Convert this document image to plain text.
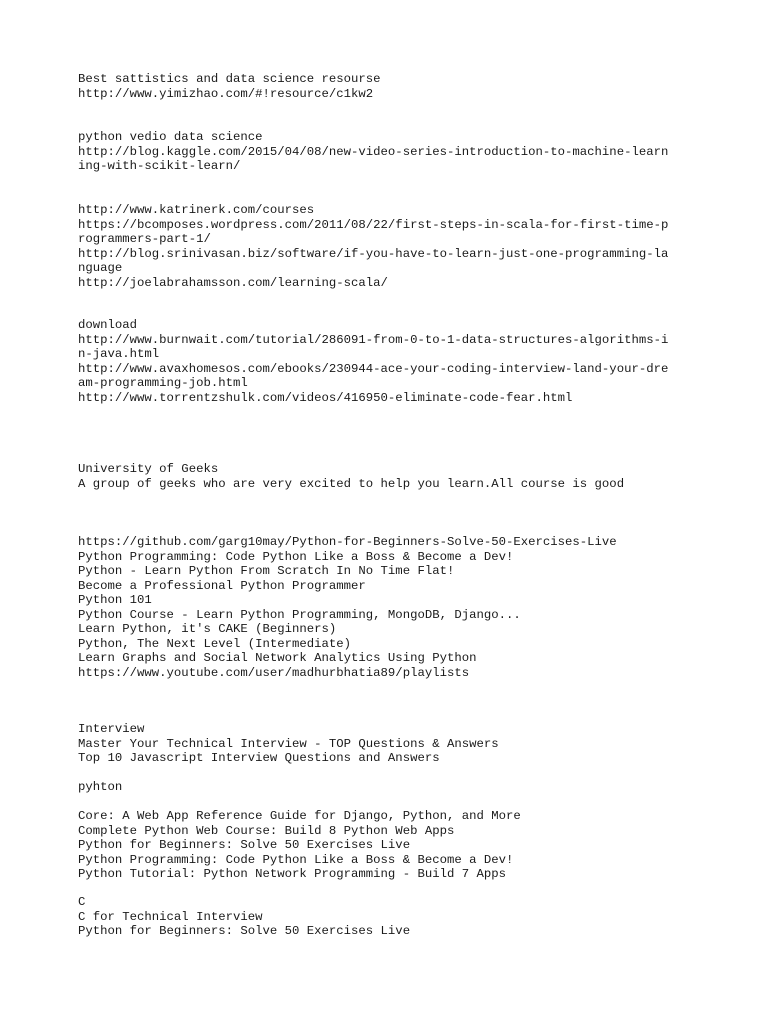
Best sattistics and data science resourse
http://www.yimizhao.com/#!resource/c1kw2
python vedio data science
http://blog.kaggle.com/2015/04/08/new-video-series-introduction-to-machine-learn
ing-with-scikit-learn/
http://www.katrinerk.com/courses
https://bcomposes.wordpress.com/2011/08/22/first-steps-in-scala-for-first-time-p
rogrammers-part-1/
http://blog.srinivasan.biz/software/if-you-have-to-learn-just-one-programming-la
nguage
http://joelabrahamsson.com/learning-scala/
download
http://www.burnwait.com/tutorial/286091-from-0-to-1-data-structures-algorithms-i
n-java.html
http://www.avaxhomesos.com/ebooks/230944-ace-your-coding-interview-land-your-dre
am-programming-job.html
http://www.torrentzshulk.com/videos/416950-eliminate-code-fear.html
University of Geeks
A group of geeks who are very excited to help you learn.All course is good
https://github.com/garg10may/Python-for-Beginners-Solve-50-Exercises-Live
Python Programming: Code Python Like a Boss & Become a Dev!
Python - Learn Python From Scratch In No Time Flat!
Become a Professional Python Programmer
Python 101
Python Course - Learn Python Programming, MongoDB, Django...
Learn Python, it's CAKE (Beginners)
Python, The Next Level (Intermediate)
Learn Graphs and Social Network Analytics Using Python
https://www.youtube.com/user/madhurbhatia89/playlists
Interview
Master Your Technical Interview - TOP Questions & Answers
Top 10 Javascript Interview Questions and Answers
pyhton
Core: A Web App Reference Guide for Django, Python, and More
Complete Python Web Course: Build 8 Python Web Apps
Python for Beginners: Solve 50 Exercises Live
Python Programming: Code Python Like a Boss & Become a Dev!
Python Tutorial: Python Network Programming - Build 7 Apps
C
C for Technical Interview
Python for Beginners: Solve 50 Exercises Live
